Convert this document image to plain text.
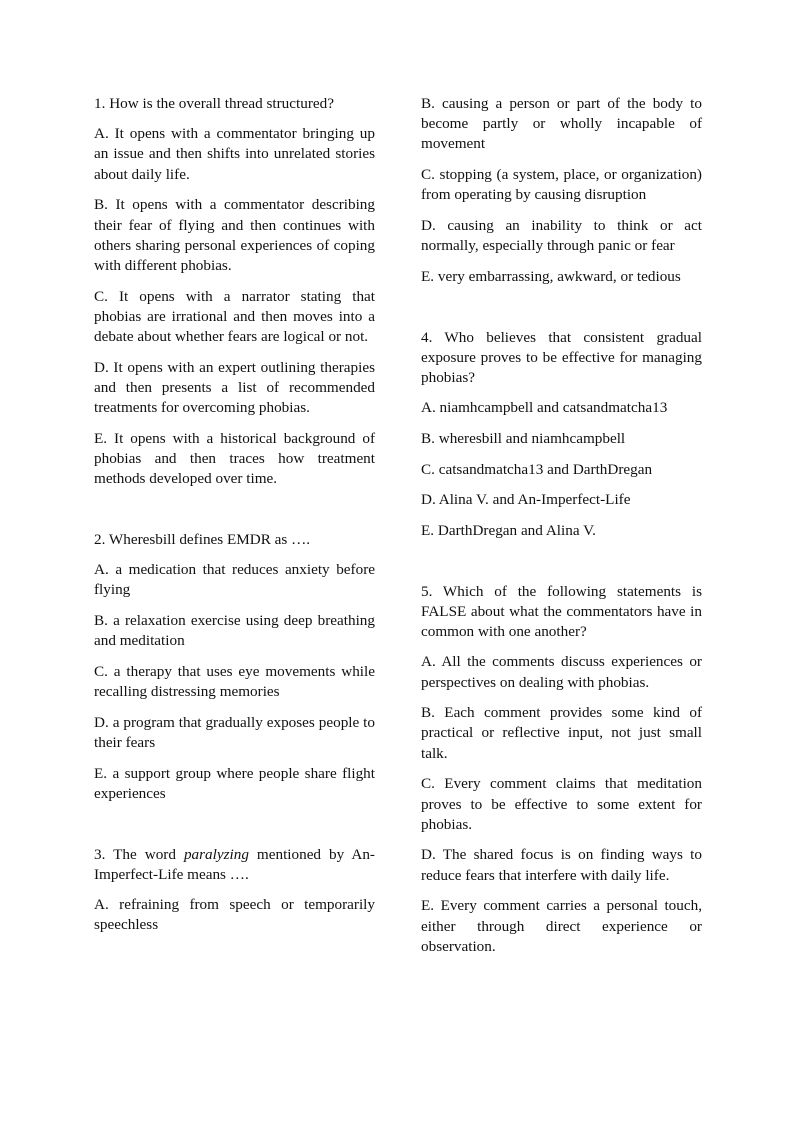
1. How is the overall thread structured?

A. It opens with a commentator bringing up an issue and then shifts into unrelated stories about daily life.

B. It opens with a commentator describing their fear of flying and then continues with others sharing personal experiences of coping with different phobias.

C. It opens with a narrator stating that phobias are irrational and then moves into a debate about whether fears are logical or not.

D. It opens with an expert outlining therapies and then presents a list of recommended treatments for overcoming phobias.

E. It opens with a historical background of phobias and then traces how treatment methods developed over time.

2. Wheresbill defines EMDR as ….

A. a medication that reduces anxiety before flying

B. a relaxation exercise using deep breathing and meditation

C. a therapy that uses eye movements while recalling distressing memories

D. a program that gradually exposes people to their fears

E. a support group where people share flight experiences

3. The word paralyzing mentioned by An-Imperfect-Life means ….

A. refraining from speech or temporarily speechless

B. causing a person or part of the body to become partly or wholly incapable of movement

C. stopping (a system, place, or organization) from operating by causing disruption

D. causing an inability to think or act normally, especially through panic or fear

E. very embarrassing, awkward, or tedious

4. Who believes that consistent gradual exposure proves to be effective for managing phobias?

A. niamhcampbell and catsandmatcha13

B. wheresbill and niamhcampbell

C. catsandmatcha13 and DarthDregan

D. Alina V. and An-Imperfect-Life

E. DarthDregan and Alina V.

5. Which of the following statements is FALSE about what the commentators have in common with one another?

A. All the comments discuss experiences or perspectives on dealing with phobias.

B. Each comment provides some kind of practical or reflective input, not just small talk.

C. Every comment claims that meditation proves to be effective to some extent for phobias.

D. The shared focus is on finding ways to reduce fears that interfere with daily life.

E. Every comment carries a personal touch, either through direct experience or observation.
